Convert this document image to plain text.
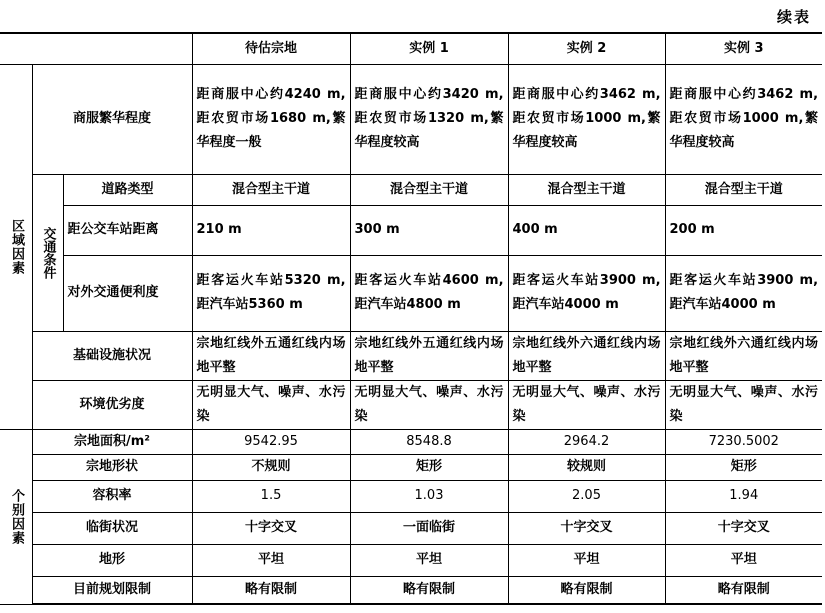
续表
			待估宗地	实例 1	实例 2	实例 3

区域因素	商服繁华程度		距商服中心约4240 m,距农贸市场1680 m,繁华程度一般	距商服中心约3420 m,距农贸市场1320 m,繁华程度较高	距商服中心约3462 m,距农贸市场1000 m,繁华程度较高	距商服中心约3462 m,距农贸市场1000 m,繁华程度较高

	交通条件	道路类型	混合型主干道	混合型主干道	混合型主干道	混合型主干道
		距公交车站距离	210 m	300 m	400 m	200 m
		对外交通便利度	距客运火车站5320 m,距汽车站5360 m	距客运火车站4600 m,距汽车站4800 m	距客运火车站3900 m,距汽车站4000 m	距客运火车站3900 m,距汽车站4000 m
	基础设施状况		宗地红线外五通红线内场地平整	宗地红线外五通红线内场地平整	宗地红线外六通红线内场地平整	宗地红线外六通红线内场地平整
	环境优劣度		无明显大气、噪声、水污染	无明显大气、噪声、水污染	无明显大气、噪声、水污染	无明显大气、噪声、水污染

个别因素	宗地面积/m²		9542.95	8548.8	2964.2	7230.5002
	宗地形状		不规则	矩形	较规则	矩形
	容积率		1.5	1.03	2.05	1.94
	临街状况		十字交叉	一面临街	十字交叉	十字交叉
	地形		平坦	平坦	平坦	平坦
	目前规划限制		略有限制	略有限制	略有限制	略有限制
